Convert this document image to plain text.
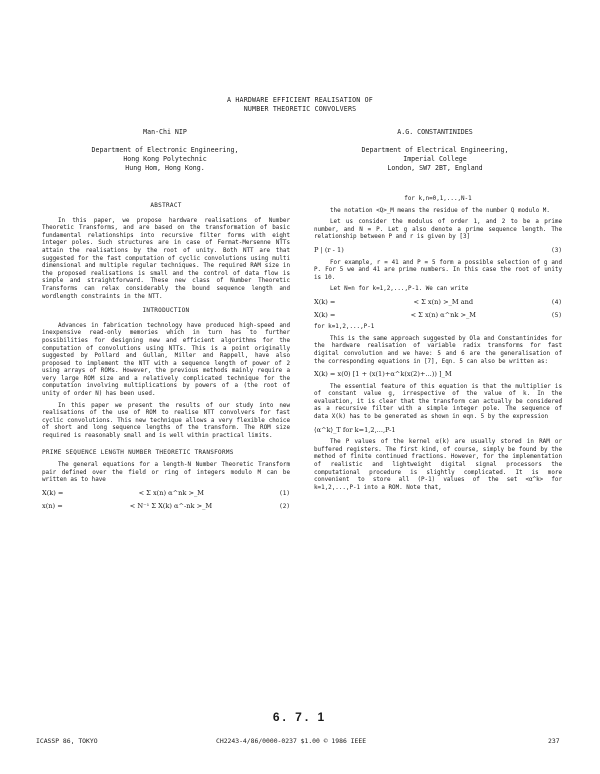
A HARDWARE EFFICIENT REALISATION OF
NUMBER THEORETIC CONVOLVERS
Man-Chi NIP
Department of Electronic Engineering,
Hong Kong Polytechnic
Hung Hom, Hong Kong.
A.G. CONSTANTINIDES
Department of Electrical Engineering,
Imperial College
London, SW7 2BT, England
ABSTRACT

In this paper, we propose hardware realisations of Number Theoretic Transforms, and are based on the transformation of basic fundamental relationships into recursive filter forms with eight integer poles. Such structures are in case of Fermat-Mersenne NTTs attain the realisations by the root of unity. Both NTT are that suggested for the fast computation of cyclic convolutions using multi dimensional and multiple regular techniques. The required RAM size in the proposed realisations is small and the control of data flow is simple and straightforward. These new class of Number Theoretic Transforms can relax considerably the bound sequence length and wordlength constraints in the NTT.

INTRODUCTION

Advances in fabrication technology have produced high-speed and inexpensive read-only memories which in turn has to further possibilities for designing new and efficient algorithms for the computation of convolutions using NTTs. This is a point originally suggested by Pollard and Gullan, Miller and Rappell, have also proposed to implement the NTT with a sequence length of power of 2 using arrays of ROMs. However, the previous methods mainly require a very large ROM size and a relatively complicated technique for the computation involving multiplications by powers of a (the root of unity of order N) has been used.

In this paper we present the results of our study into new realisations of the use of ROM to realise NTT convolvers for fast cyclic convolutions. This new technique allows a very flexible choice of short and long sequence lengths of the transform. The ROM size required is reasonably small and is well within practical limits.

PRIME SEQUENCE LENGTH NUMBER THEORETIC TRANSFORMS

The general equations for a length-N Number Theoretic Transform pair defined over the field or ring of integers modulo M can be written as to have

X(k) =	< Σ x(n) α^nk >_M	(1)
x(n) =	< N⁻¹ Σ X(k) α^-nk >_M	(2)

for k,n=0,1,...,N-1

the notation <Q>_M means the residue of the number Q modulo M.

Let us consider the modulus of order 1, and 2 to be a prime number, and N = P. Let g also denote a prime sequence length. The relationship between P and r is given by [3]

P | (r - 1)	(3)

For example, r = 41 and P = 5 form a possible selection of g and P. For 5 we and 41 are prime numbers. In this case the root of unity is 10.

Let N=n for k=1,2,...,P-1. We can write

X(k) =	< Σ x(n) >_M and	(4)
X(k) =	< Σ x(n) α^nk >_M	(5)

for k=1,2,...,P-1

This is the same approach suggested by Ola and Constantinides for the hardware realisation of variable radix transforms for fast digital convolution and we have: 5 and 6 are the generalisation of the corresponding equations in [7], Eqn. 5 can also be written as:

X(k) = x(0) [1 + (x(1)+α^k(x(2)+...)) ]_M

The essential feature of this equation is that the multiplier is of constant value g, irrespective of the value of k. In the evaluation, it is clear that the transform can actually be considered as a recursive filter with a simple integer pole. The sequence of data X(k) has to be generated as shown in eqn. 5 by the expression

⟨α^k⟩_T for k=1,2,...,P-1

The P values of the kernel α(k) are usually stored in RAM or buffered registers. The first kind, of course, simply be found by the method of finite continued fractions. However, for the implementation of realistic and lightweight digital signal processors the computational procedure is slightly complicated. It is more convenient to store all (P-1) values of the set <α^k> for k=1,2,...,P-1 into a ROM. Note that,

6. 7. 1
ICASSP 86, TOKYO	CH2243-4/86/0000-0237 $1.00 © 1986 IEEE	237
